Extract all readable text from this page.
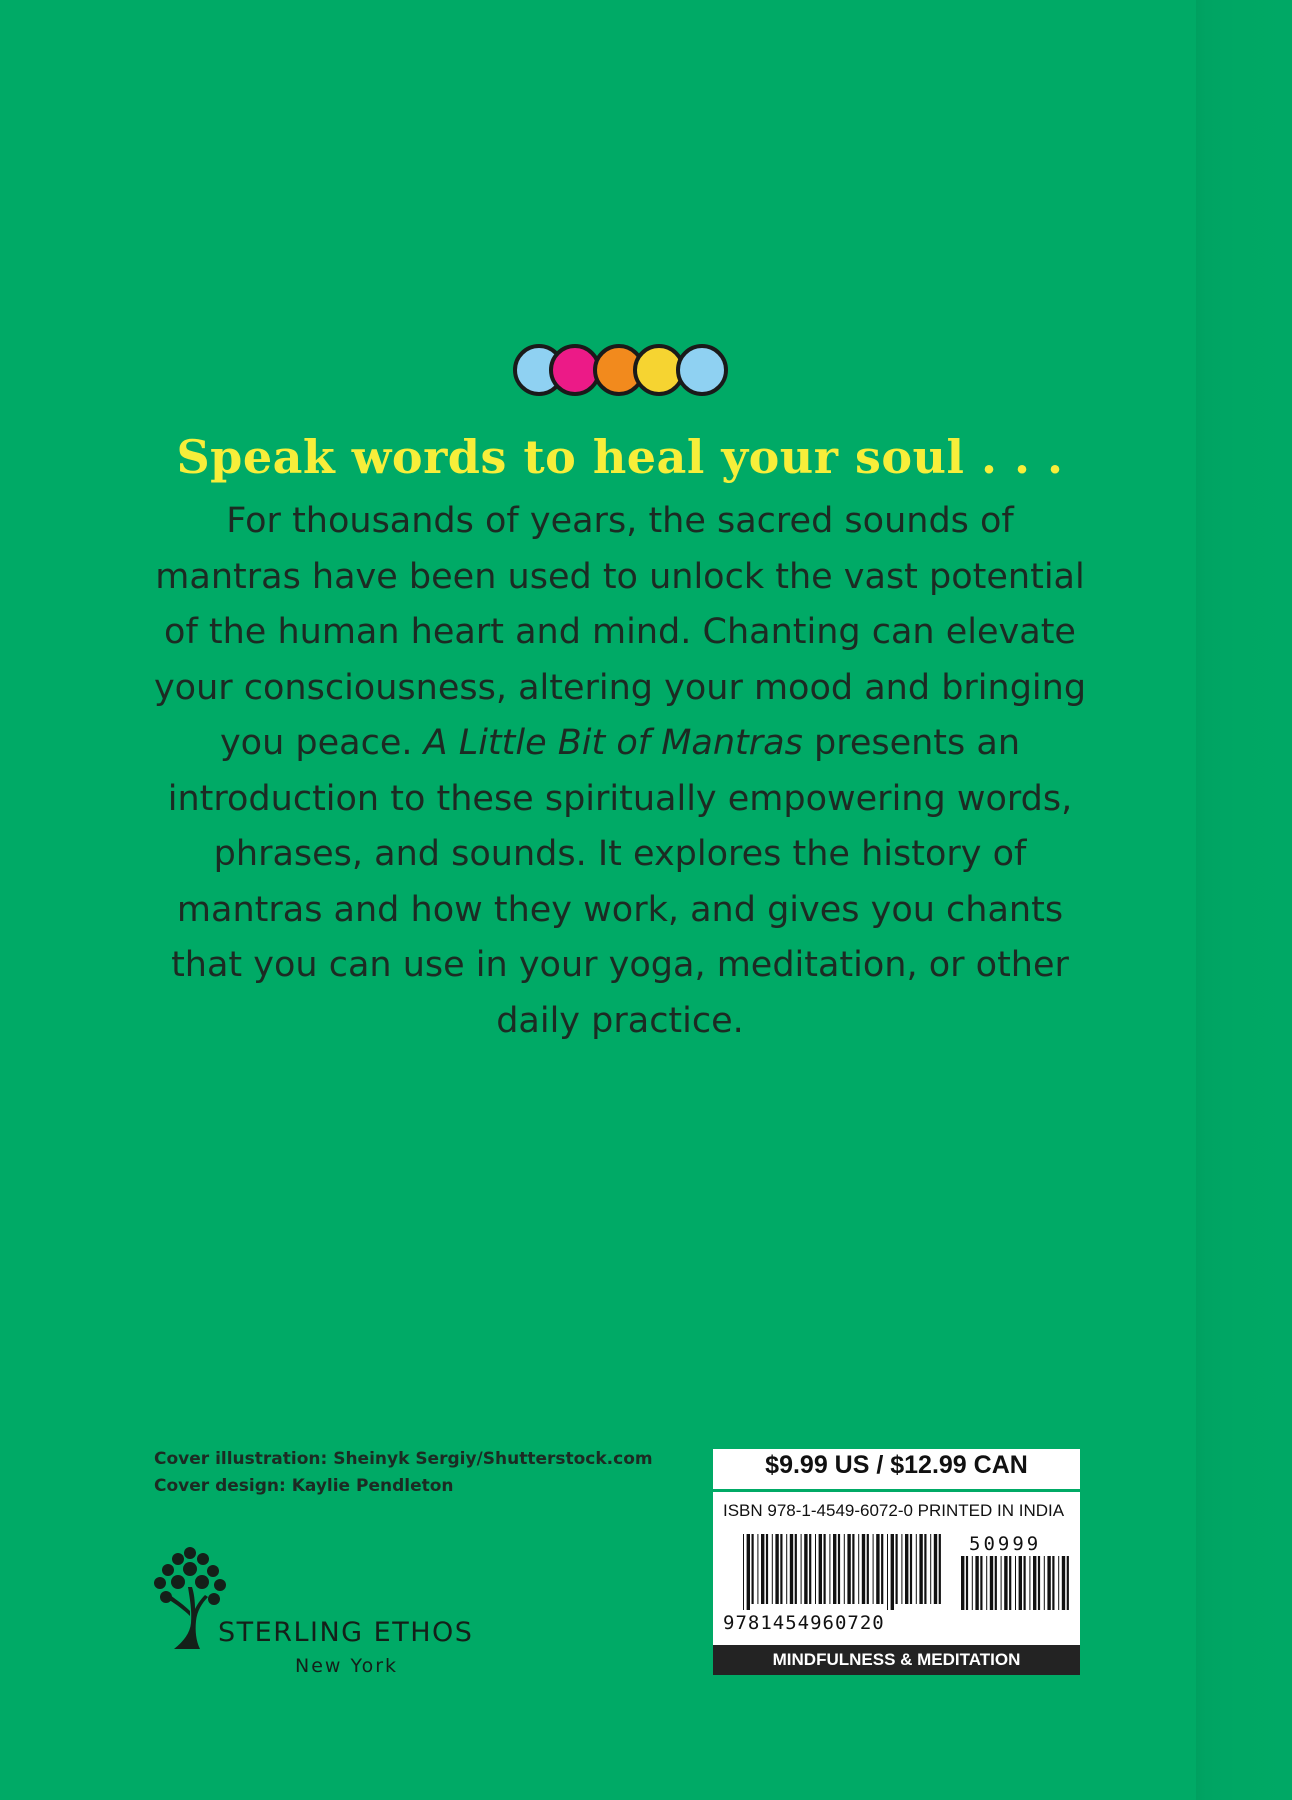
Speak words to heal your soul . . .

For thousands of years, the sacred sounds of mantras have been used to unlock the vast potential of the human heart and mind. Chanting can elevate your consciousness, altering your mood and bringing you peace. A Little Bit of Mantras presents an introduction to these spiritually empowering words, phrases, and sounds. It explores the history of mantras and how they work, and gives you chants that you can use in your yoga, meditation, or other daily practice.

Cover illustration: Sheinyk Sergiy/Shutterstock.com
Cover design: Kaylie Pendleton
STERLING ETHOS
New York
$9.99 US / $12.99 CAN
ISBN 978-1-4549-6072-0 PRINTED IN INDIA
9781454960720
50999
MINDFULNESS & MEDITATION
